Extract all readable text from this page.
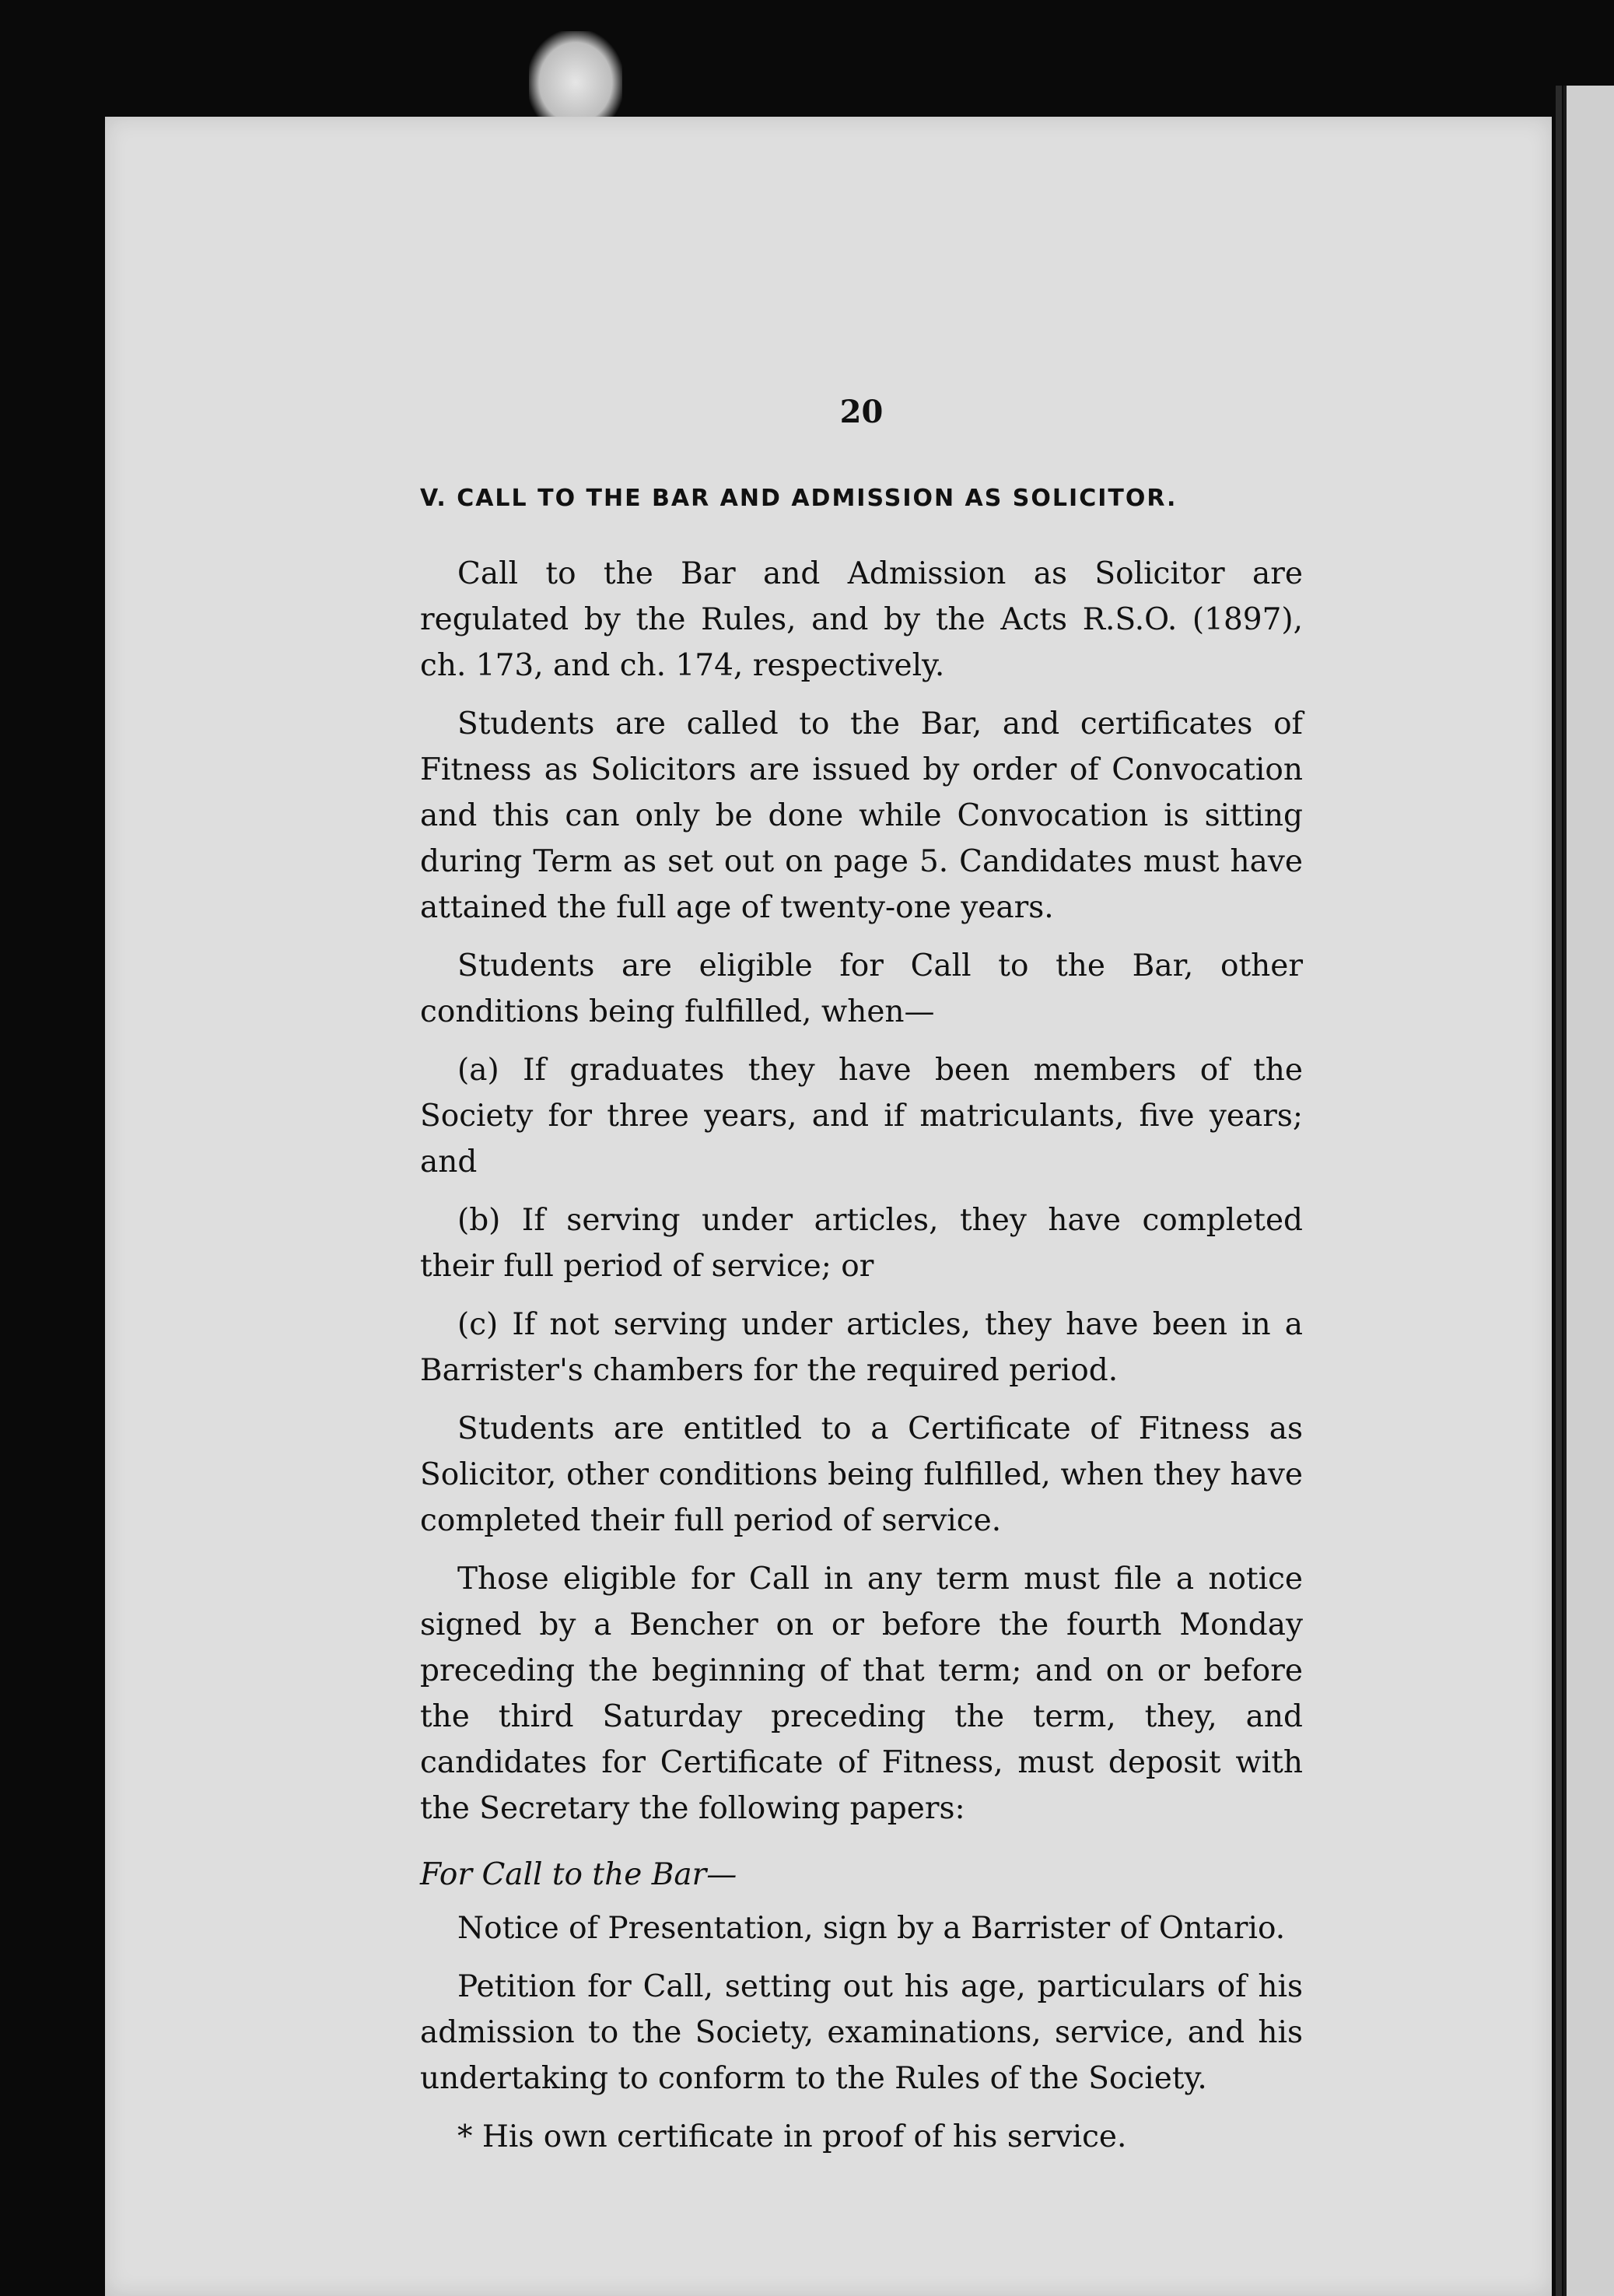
20
V. CALL TO THE BAR AND ADMISSION AS SOLICITOR.

Call to the Bar and Admission as Solicitor are regulated by the Rules, and by the Acts R.S.O. (1897), ch. 173, and ch. 174, respectively.

Students are called to the Bar, and certificates of Fitness as Solicitors are issued by order of Convocation and this can only be done while Convocation is sitting during Term as set out on page 5. Candidates must have attained the full age of twenty-one years.

Students are eligible for Call to the Bar, other conditions being fulfilled, when—

(a) If graduates they have been members of the Society for three years, and if matriculants, five years; and

(b) If serving under articles, they have completed their full period of service; or

(c) If not serving under articles, they have been in a Barrister's chambers for the required period.

Students are entitled to a Certificate of Fitness as Solicitor, other conditions being fulfilled, when they have completed their full period of service.

Those eligible for Call in any term must file a notice signed by a Bencher on or before the fourth Monday preceding the beginning of that term; and on or before the third Saturday preceding the term, they, and candidates for Certificate of Fitness, must deposit with the Secretary the following papers:

For Call to the Bar—

Notice of Presentation, sign by a Barrister of Ontario.

Petition for Call, setting out his age, particulars of his admission to the Society, examinations, service, and his undertaking to conform to the Rules of the Society.

* His own certificate in proof of his service.
